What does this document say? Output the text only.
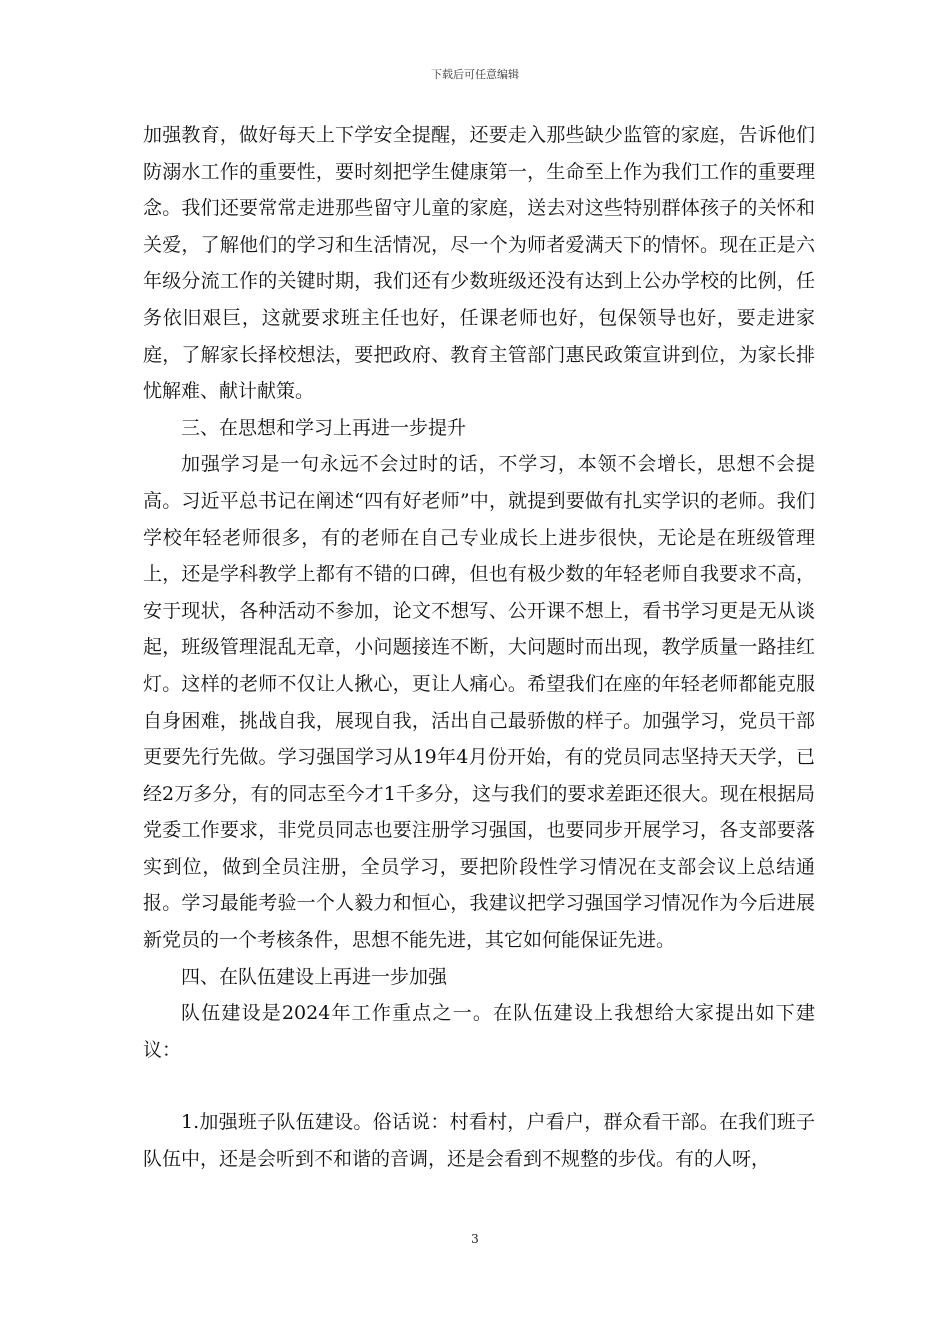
下载后可任意编辑

加强教育，做好每天上下学安全提醒，还要走入那些缺少监管的家庭，告诉他们防溺水工作的重要性，要时刻把学生健康第一，生命至上作为我们工作的重要理念。我们还要常常走进那些留守儿童的家庭，送去对这些特别群体孩子的关怀和关爱，了解他们的学习和生活情况，尽一个为师者爱满天下的情怀。现在正是六年级分流工作的关键时期，我们还有少数班级还没有达到上公办学校的比例，任务依旧艰巨，这就要求班主任也好，任课老师也好，包保领导也好，要走进家庭，了解家长择校想法，要把政府、教育主管部门惠民政策宣讲到位，为家长排忧解难、献计献策。

三、在思想和学习上再进一步提升

加强学习是一句永远不会过时的话，不学习，本领不会增长，思想不会提高。习近平总书记在阐述“四有好老师”中，就提到要做有扎实学识的老师。我们学校年轻老师很多，有的老师在自己专业成长上进步很快，无论是在班级管理上，还是学科教学上都有不错的口碑，但也有极少数的年轻老师自我要求不高，安于现状，各种活动不参加，论文不想写、公开课不想上，看书学习更是无从谈起，班级管理混乱无章，小问题接连不断，大问题时而出现，教学质量一路挂红灯。这样的老师不仅让人揪心，更让人痛心。希望我们在座的年轻老师都能克服自身困难，挑战自我，展现自我，活出自己最骄傲的样子。加强学习，党员干部更要先行先做。学习强国学习从19年4月份开始，有的党员同志坚持天天学，已经2万多分，有的同志至今才1千多分，这与我们的要求差距还很大。现在根据局党委工作要求，非党员同志也要注册学习强国，也要同步开展学习，各支部要落实到位，做到全员注册，全员学习，要把阶段性学习情况在支部会议上总结通报。学习最能考验一个人毅力和恒心，我建议把学习强国学习情况作为今后进展新党员的一个考核条件，思想不能先进，其它如何能保证先进。

四、在队伍建设上再进一步加强

队伍建设是2024年工作重点之一。在队伍建设上我想给大家提出如下建议：

1.加强班子队伍建设。俗话说：村看村，户看户，群众看干部。在我们班子队伍中，还是会听到不和谐的音调，还是会看到不规整的步伐。有的人呀，

3
